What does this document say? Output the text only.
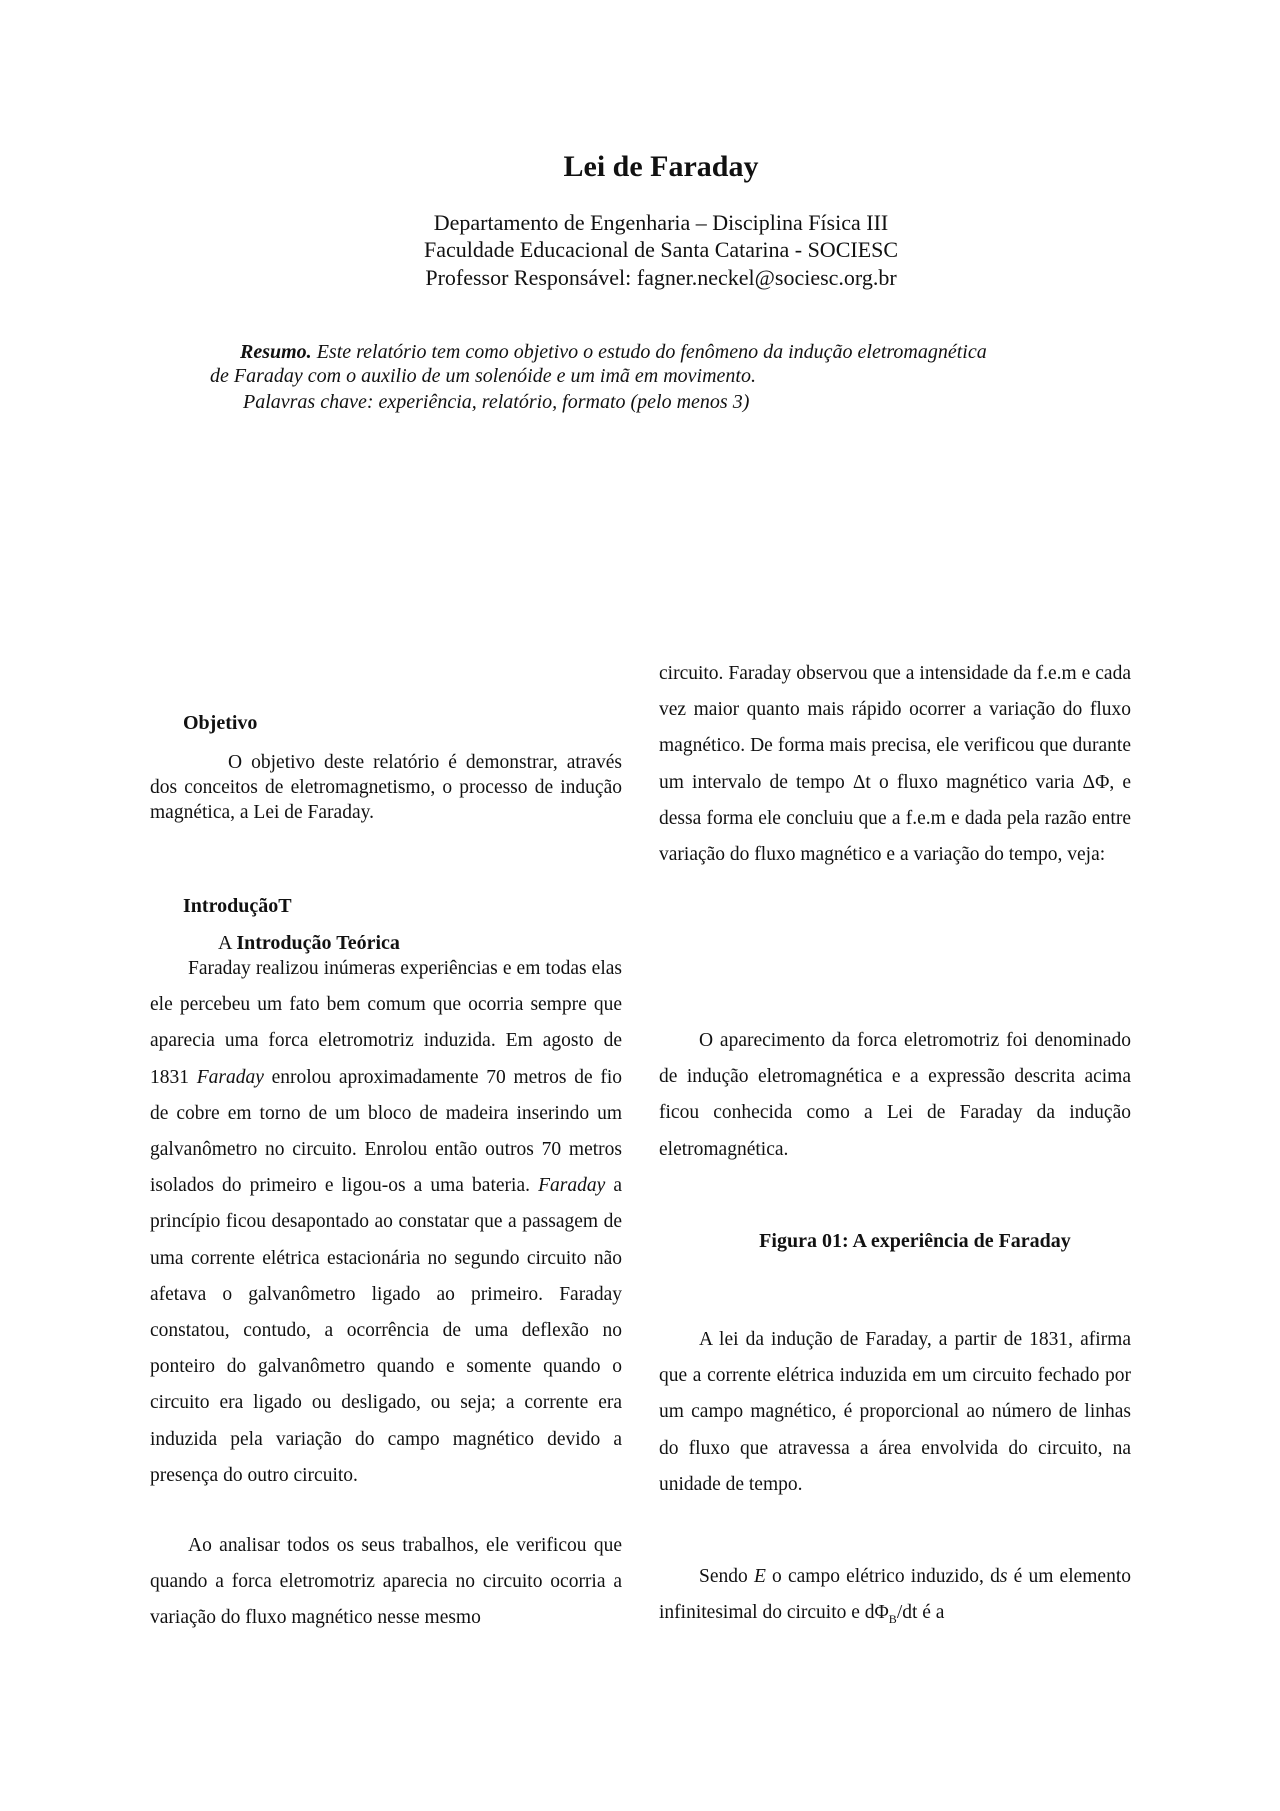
Lei de Faraday

Departamento de Engenharia – Disciplina Física III

Faculdade Educacional de Santa Catarina - SOCIESC

Professor Responsável: fagner.neckel@sociesc.org.br

Resumo. Este relatório tem como objetivo o estudo do fenômeno da indução eletromagnética
de Faraday com o auxilio de um solenóide e um imã em movimento.

Palavras chave: experiência, relatório, formato (pelo menos 3)

Objetivo

O objetivo deste relatório é demonstrar, através dos conceitos de eletromagnetismo, o processo de indução magnética, a Lei de Faraday.

IntroduçãoT

A Introdução Teórica

Faraday realizou inúmeras experiências e em todas elas ele percebeu um fato bem comum que ocorria sempre que aparecia uma forca eletromotriz induzida. Em agosto de 1831 Faraday enrolou aproximadamente 70 metros de fio de cobre em torno de um bloco de madeira inserindo um galvanômetro no circuito. Enrolou então outros 70 metros isolados do primeiro e ligou-os a uma bateria. Faraday a princípio ficou desapontado ao constatar que a passagem de uma corrente elétrica estacionária no segundo circuito não afetava o galvanômetro ligado ao primeiro. Faraday constatou, contudo, a ocorrência de uma deflexão no ponteiro do galvanômetro quando e somente quando o circuito era ligado ou desligado, ou seja; a corrente era induzida pela variação do campo magnético devido a presença do outro circuito.

Ao analisar todos os seus trabalhos, ele verificou que quando a forca eletromotriz aparecia no circuito ocorria a variação do fluxo magnético nesse mesmo

circuito. Faraday observou que a intensidade da f.e.m e cada vez maior quanto mais rápido ocorrer a variação do fluxo magnético. De forma mais precisa, ele verificou que durante um intervalo de tempo Δt o fluxo magnético varia ΔΦ, e dessa forma ele concluiu que a f.e.m e dada pela razão entre variação do fluxo magnético e a variação do tempo, veja:

O aparecimento da forca eletromotriz foi denominado de indução eletromagnética e a expressão descrita acima ficou conhecida como a Lei de Faraday da indução eletromagnética.

Figura 01: A experiência de Faraday

A lei da indução de Faraday, a partir de 1831, afirma que a corrente elétrica induzida em um circuito fechado por um campo magnético, é proporcional ao número de linhas do fluxo que atravessa a área envolvida do circuito, na unidade de tempo.

Sendo E o campo elétrico induzido, ds é um elemento infinitesimal do circuito e $d\Phi_B/dt$ é a
